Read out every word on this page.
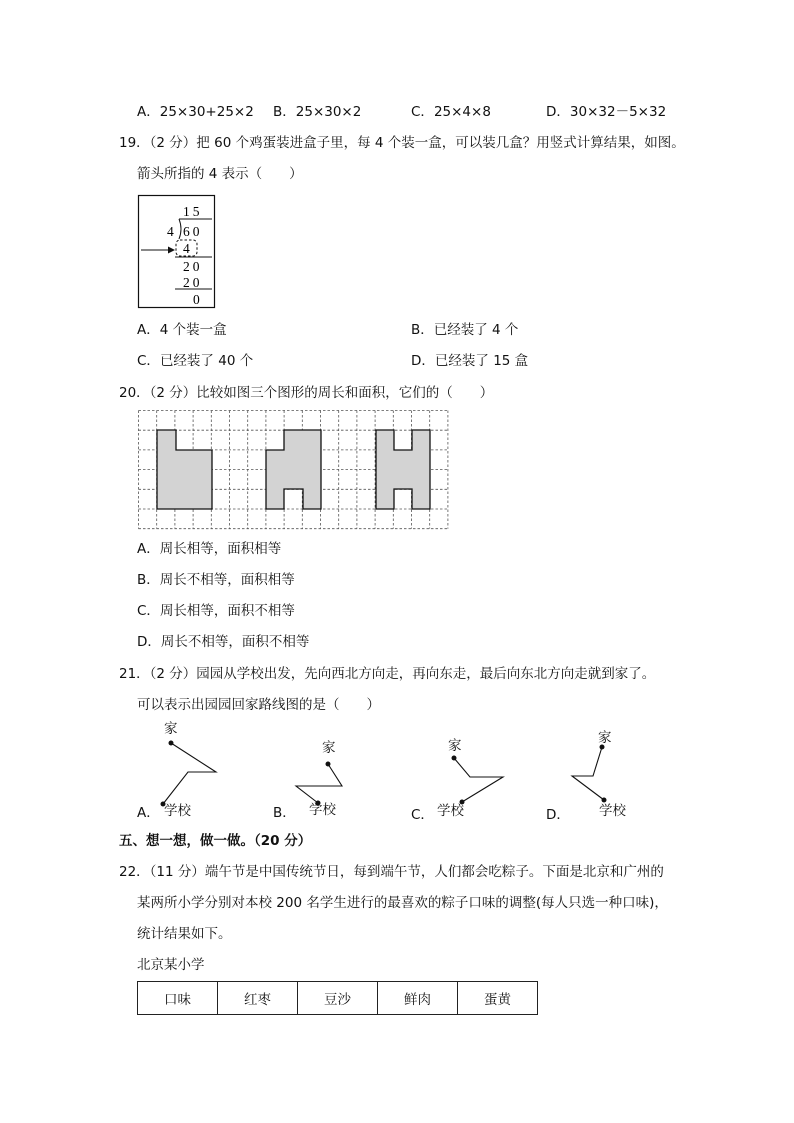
A．25×30+25×2 B．25×30×2	C．25×4×8	D．30×32－5×32
19．（2 分）把 60 个鸡蛋装进盒子里，每 4 个装一盒，可以装几盒？用竖式计算结果，如图。
箭头所指的 4 表示（　　）
15
4 60
4
20
20
0
A．4 个装一盒	B．已经装了 4 个
C．已经装了 40 个	D．已经装了 15 盒
20．（2 分）比较如图三个图形的周长和面积，它们的（　　）
A．周长相等，面积相等
B．周长不相等，面积相等
C．周长相等，面积不相等
D．周长不相等，面积不相等
21．（2 分）园园从学校出发，先向西北方向走，再向东走，最后向东北方向走就到家了。
可以表示出园园回家路线图的是（　　）
家
家	家	家
A． 学校	B． 学校	C． 学校	D． 学校
五、想一想，做一做。（20 分）
22．（11 分）端午节是中国传统节日，每到端午节，人们都会吃粽子。下面是北京和广州的
某两所小学分别对本校 200 名学生进行的最喜欢的粽子口味的调整(每人只选一种口味)，
统计结果如下。
北京某小学
口味	红枣	豆沙	鲜肉	蛋黄
